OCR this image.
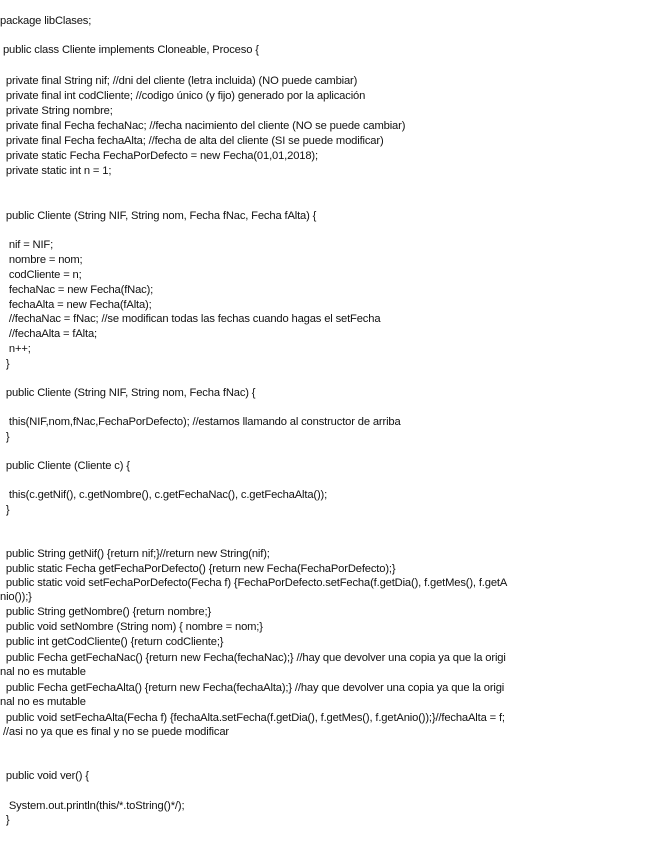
package libClases;
public class Cliente implements Cloneable, Proceso {
private final String nif; //dni del cliente (letra incluida) (NO puede cambiar)
private final int codCliente; //codigo único (y fijo) generado por la aplicación
private String nombre;
private final Fecha fechaNac; //fecha nacimiento del cliente (NO se puede cambiar)
private final Fecha fechaAlta; //fecha de alta del cliente (SI se puede modificar)
private static Fecha FechaPorDefecto = new Fecha(01,01,2018);
private static int n = 1;
public Cliente (String NIF, String nom, Fecha fNac, Fecha fAlta) {
nif = NIF;
nombre = nom;
codCliente = n;
fechaNac = new Fecha(fNac);
fechaAlta = new Fecha(fAlta);
//fechaNac = fNac; //se modifican todas las fechas cuando hagas el setFecha
//fechaAlta = fAlta;
n++;
}
public Cliente (String NIF, String nom, Fecha fNac) {
this(NIF,nom,fNac,FechaPorDefecto); //estamos llamando al constructor de arriba
}
public Cliente (Cliente c) {
this(c.getNif(), c.getNombre(), c.getFechaNac(), c.getFechaAlta());
}
public String getNif() {return nif;}//return new String(nif);
public static Fecha getFechaPorDefecto() {return new Fecha(FechaPorDefecto);}
public static void setFechaPorDefecto(Fecha f) {FechaPorDefecto.setFecha(f.getDia(), f.getMes(), f.getA
nio());}
public String getNombre() {return nombre;}
public void setNombre (String nom) { nombre = nom;}
public int getCodCliente() {return codCliente;}
public Fecha getFechaNac() {return new Fecha(fechaNac);} //hay que devolver una copia ya que la origi
nal no es mutable
public Fecha getFechaAlta() {return new Fecha(fechaAlta);} //hay que devolver una copia ya que la origi
nal no es mutable
public void setFechaAlta(Fecha f) {fechaAlta.setFecha(f.getDia(), f.getMes(), f.getAnio());}//fechaAlta = f;
//asi no ya que es final y no se puede modificar
public void ver() {
System.out.println(this/*.toString()*/);
}
